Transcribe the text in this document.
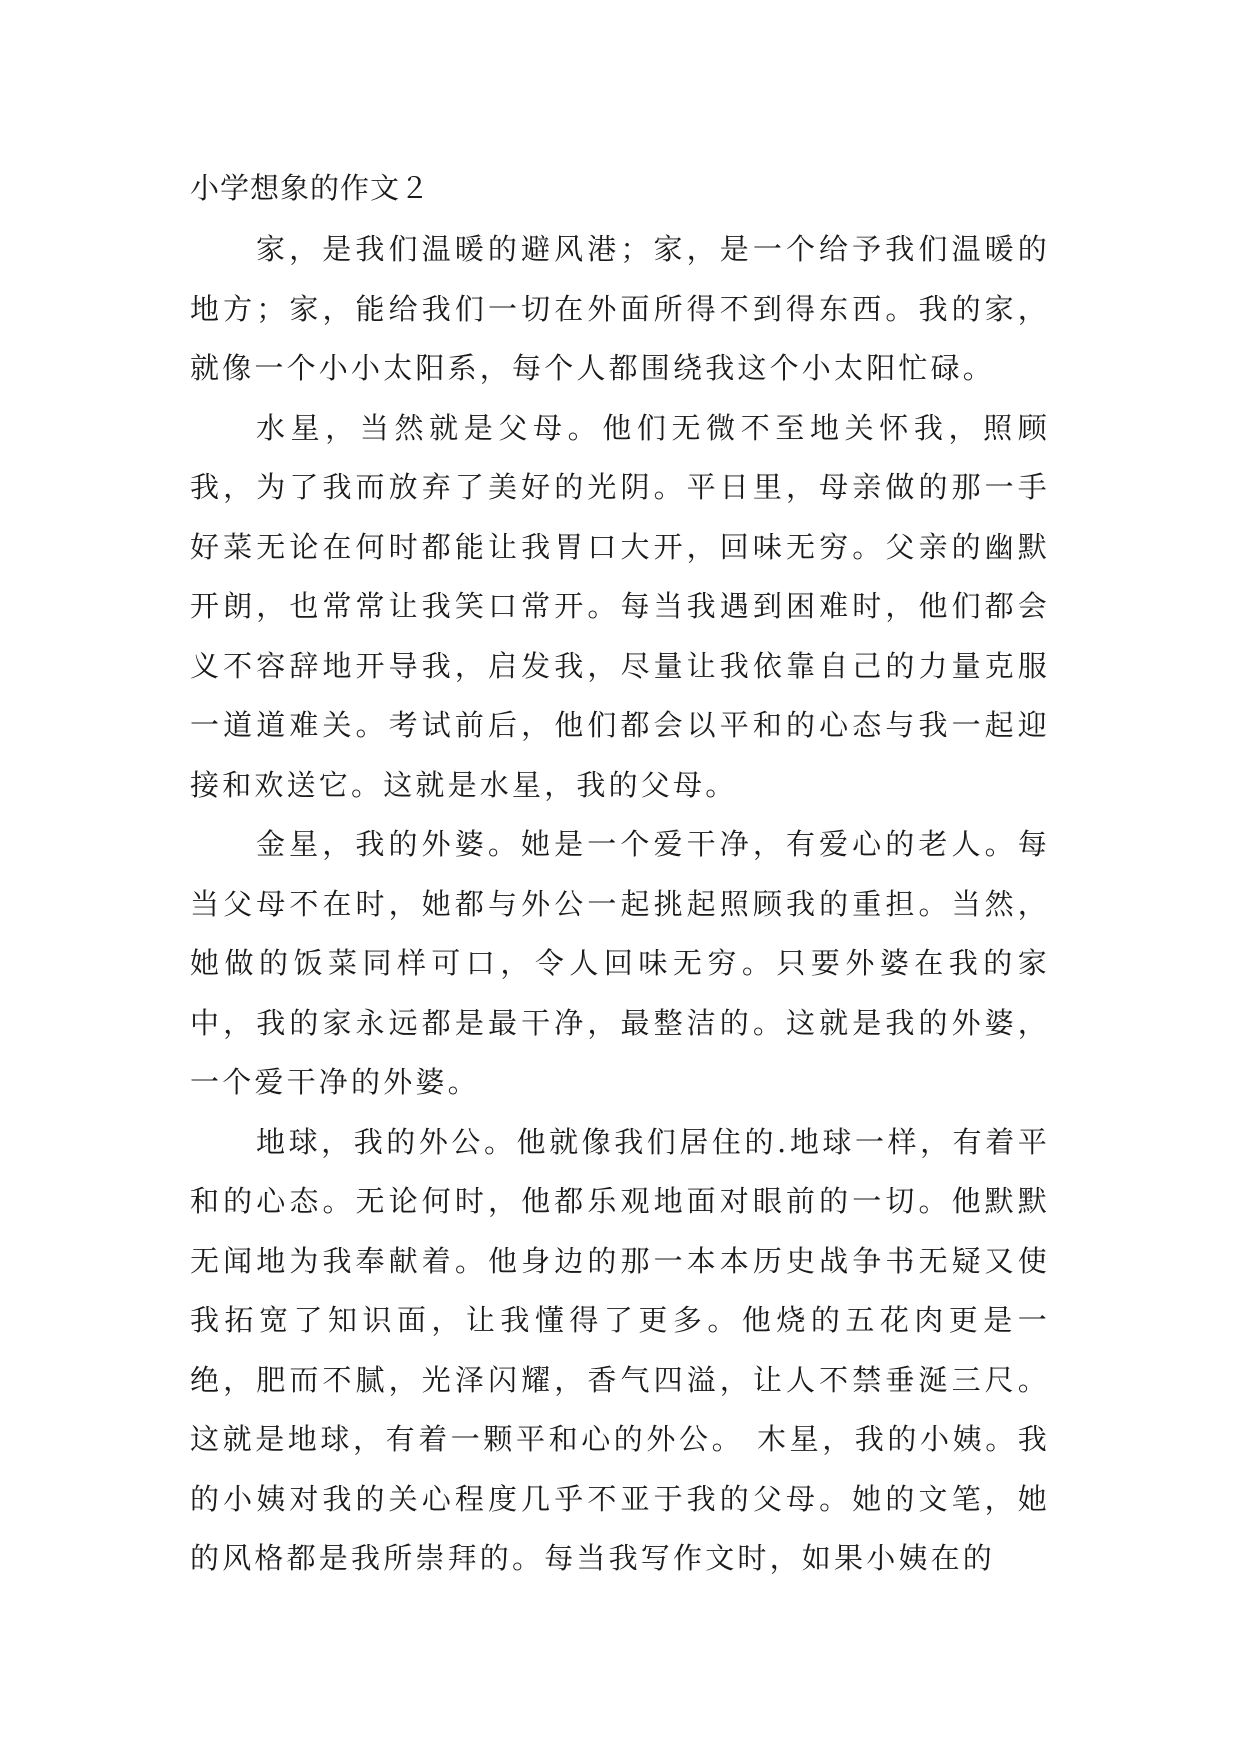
小学想象的作文２

家，是我们温暖的避风港；家，是一个给予我们温暖的地方；家，能给我们一切在外面所得不到得东西。我的家，就像一个小小太阳系，每个人都围绕我这个小太阳忙碌。

水星，当然就是父母。他们无微不至地关怀我，照顾我，为了我而放弃了美好的光阴。平日里，母亲做的那一手好菜无论在何时都能让我胃口大开，回味无穷。父亲的幽默开朗，也常常让我笑口常开。每当我遇到困难时，他们都会义不容辞地开导我，启发我，尽量让我依靠自己的力量克服一道道难关。考试前后，他们都会以平和的心态与我一起迎接和欢送它。这就是水星，我的父母。

金星，我的外婆。她是一个爱干净，有爱心的老人。每当父母不在时，她都与外公一起挑起照顾我的重担。当然，她做的饭菜同样可口，令人回味无穷。只要外婆在我的家中，我的家永远都是最干净，最整洁的。这就是我的外婆，一个爱干净的外婆。

地球，我的外公。他就像我们居住的.地球一样，有着平和的心态。无论何时，他都乐观地面对眼前的一切。他默默无闻地为我奉献着。他身边的那一本本历史战争书无疑又使我拓宽了知识面，让我懂得了更多。他烧的五花肉更是一绝，肥而不腻，光泽闪耀，香气四溢，让人不禁垂涎三尺。这就是地球，有着一颗平和心的外公。 木星，我的小姨。我的小姨对我的关心程度几乎不亚于我的父母。她的文笔，她的风格都是我所崇拜的。每当我写作文时，如果小姨在的
